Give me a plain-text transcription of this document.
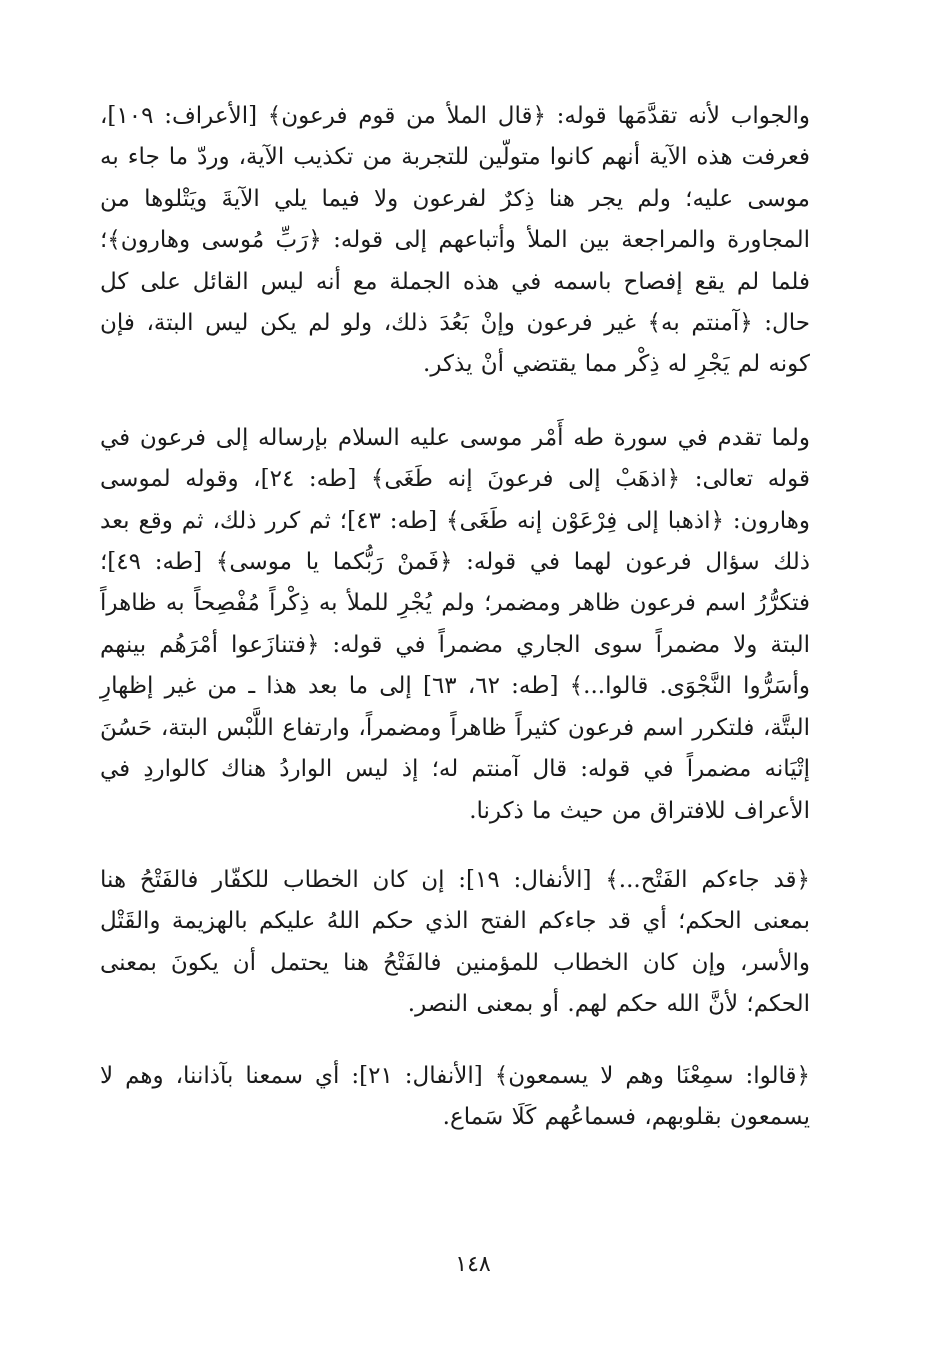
والجواب لأنه تقدَّمَها قوله: ﴿قال الملأ من قوم فرعون﴾ [الأعراف: ١٠٩]، فعرفت هذه الآية أنهم كانوا متولّين للتجربة من تكذيب الآية، وردّ ما جاء به موسى عليه؛ ولم يجر هنا ذِكرٌ لفرعون ولا فيما يلي الآيةَ ويَتْلوها من المجاورة والمراجعة بين الملأ وأتباعهم إلى قوله: ﴿رَبِّ مُوسى وهارون﴾؛ فلما لم يقع إفصاح باسمه في هذه الجملة مع أنه ليس القائل على كل حال: ﴿آمنتم به﴾ غير فرعون وإنْ بَعُدَ ذلك، ولو لم يكن ليس البتة، فإن كونه لم يَجْرِ له ذِكْر مما يقتضي أنْ يذكر.

ولما تقدم في سورة طه أَمْر موسى عليه السلام بإرساله إلى فرعون في قوله تعالى: ﴿اذهَبْ إلى فرعونَ إنه طَغَى﴾ [طه: ٢٤]، وقوله لموسى وهارون: ﴿اذهبا إلى فِرْعَوْن إنه طَغَى﴾ [طه: ٤٣]؛ ثم كرر ذلك، ثم وقع بعد ذلك سؤال فرعون لهما في قوله: ﴿فَمنْ رَبُّكما يا موسى﴾ [طه: ٤٩]؛ فتكرُّرُ اسم فرعون ظاهر ومضمر؛ ولم يُجْرِ للملأ به ذِكْراً مُفْصِحاً به ظاهراً البتة ولا مضمراً سوى الجاري مضمراً في قوله: ﴿فتنازَعوا أمْرَهُم بينهم وأسَرُّوا النَّجْوَى. قالوا...﴾ [طه: ٦٢، ٦٣] إلى ما بعد هذا ـ من غير إظهارِ البتَّة، فلتكرر اسم فرعون كثيراً ظاهراً ومضمراً، وارتفاع اللَّبْس البتة، حَسُنَ إتْيَانه مضمراً في قوله: قال آمنتم له؛ إذ ليس الواردُ هناك كالواردِ في الأعراف للافتراق من حيث ما ذكرنا.

﴿قد جاءكم الفَتْح...﴾ [الأنفال: ١٩]: إن كان الخطاب للكفّار فالفَتْحُ هنا بمعنى الحكم؛ أي قد جاءكم الفتح الذي حكم اللهُ عليكم بالهزيمة والقَتْل والأسر، وإن كان الخطاب للمؤمنين فالفَتْحُ هنا يحتمل أن يكونَ بمعنى الحكم؛ لأنَّ الله حكم لهم. أو بمعنى النصر.

﴿قالوا: سمِعْنَا وهم لا يسمعون﴾ [الأنفال: ٢١]: أي سمعنا بآذاننا، وهم لا يسمعون بقلوبهم، فسماعُهم كَلَا سَماع.

١٤٨
